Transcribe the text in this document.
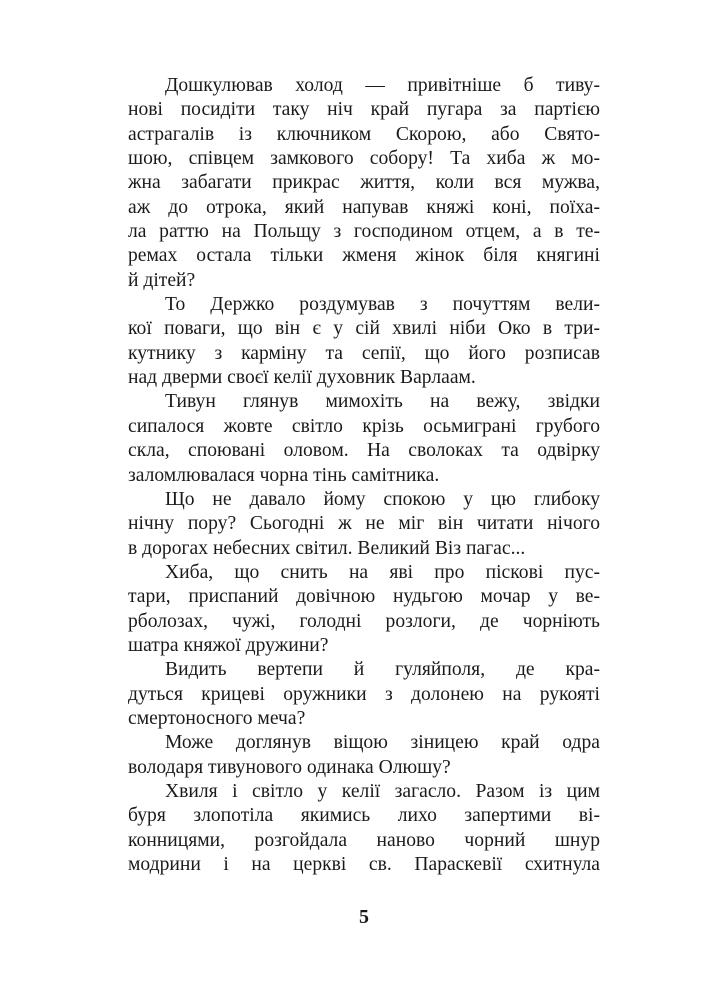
Дошкулював холод — привітніше б тиву-
нові посидіти таку ніч край пугара за партією
астрагалів із ключником Скорою, або Свято-
шою, співцем замкового собору! Та хиба ж мо-
жна забагати прикрас життя, коли вся мужва,
аж до отрока, який напував княжі коні, поїха-
ла раттю на Польщу з господином отцем, а в те-
ремах остала тільки жменя жінок біля княгині
й дітей?
То Держко роздумував з почуттям вели-
кої поваги, що він є у сій хвилі ніби Око в три-
кутнику з карміну та сепії, що його розписав
над дверми своєї келії духовник Варлаам.
Тивун глянув мимохіть на вежу, звідки
сипалося жовте світло крізь осьмиграні грубого
скла, споювані оловом. На сволоках та одвірку
заломлювалася чорна тінь самітника.
Що не давало йому спокою у цю глибоку
нічну пору? Сьогодні ж не міг він читати нічого
в дорогах небесних світил. Великий Віз пагас...
Хиба, що снить на яві про піскові пус-
тари, приспаний довічною нудьгою мочар у ве-
рболозах, чужі, голодні розлоги, де чорніють
шатра княжої дружини?
Видить вертепи й гуляйполя, де кра-
дуться крицеві оружники з долонею на рукояті
смертоносного меча?
Може доглянув віщою зіницею край одра
володаря тивунового одинака Олюшу?
Хвиля і світло у келії загасло. Разом із цим
буря злопотіла якимись лихо запертими ві-
конницями, розгойдала наново чорний шнур
модрини і на церкві св. Параскевії схитнула
5
